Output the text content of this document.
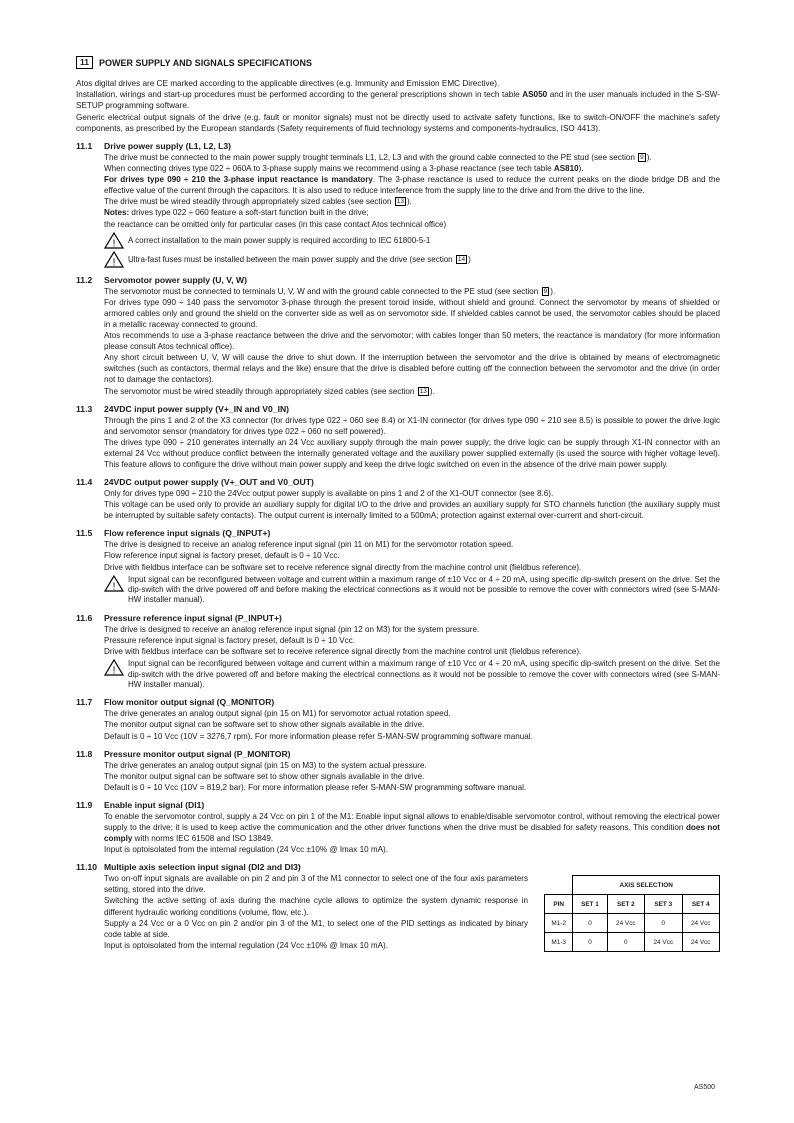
11	POWER SUPPLY AND SIGNALS SPECIFICATIONS

Atos digital drives are CE marked according to the applicable directives (e.g. Immunity and Emission EMC Directive).

Installation, wirings and start-up procedures must be performed according to the general prescriptions shown in tech table AS050 and in the user manuals included in the S-SW-SETUP programming software.

Generic electrical output signals of the drive (e.g. fault or monitor signals) must not be directly used to activate safety functions, like to switch-ON/OFF the machine's safety components, as prescribed by the European standards (Safety requirements of fluid technology systems and components-hydraulics, ISO 4413).

11.1	Drive power supply (L1, L2, L3)

The drive must be connected to the main power supply trought terminals L1, L2, L3 and with the ground cable connected to the PE stud (see section 9 ).

When connecting drives type 022 ÷ 060A to 3-phase supply mains we recommend using a 3-phase reactance (see tech table AS810).

For drives type 090 ÷ 210 the 3-phase input reactance is mandatory. The 3-phase reactance is used to reduce the current peaks on the diode bridge DB and the effective value of the current through the capacitors. It is also used to reduce interference from the supply line to the drive and from the drive to the line.

The drive must be wired steadily through appropriately sized cables (see section 13 ).

Notes: drives type 022 ÷ 060 feature a soft-start function built in the drive;

the reactance can be omitted only for particular cases (in this case contact Atos technical office)

! A correct installation to the main power supply is required according to IEC 61800-5-1

! Ultra-fast fuses must be installed between the main power supply and the drive (see section 14 )

11.2	Servomotor power supply (U, V, W)

The servomotor must be connected to terminals U, V, W and with the ground cable connected to the PE stud (see section 9 ).

For drives type 090 ÷ 140 pass the servomotor 3-phase through the present toroid inside, without shield and ground. Connect the servomotor by means of shielded or armored cables only and ground the shield on the converter side as well as on servomotor side. If shielded cables cannot be used, the servomotor cables should be placed in a metallic raceway connected to ground.

Atos recommends to use a 3-phase reactance between the drive and the servomotor; with cables longer than 50 meters, the reactance is mandatory (for more information please consult Atos technical office).

Any short circuit between U, V, W will cause the drive to shut down. If the interruption between the servomotor and the drive is obtained by means of electromagnetic switches (such as contactors, thermal relays and the like) ensure that the drive is disabled before cutting off the connection between the servomotor and the drive (in order not to damage the contactors).

The servomotor must be wired steadily through appropriately sized cables (see section 13 ).

11.3	24VDC input power supply (V+_IN and V0_IN)

Through the pins 1 and 2 of the X3 connector (for drives type 022 ÷ 060 see 8.4) or X1-IN connector (for drives type 090 ÷ 210 see 8.5) is possible to power the drive logic and servomotor sensor (mandatory for drives type 022 ÷ 060 no self powered).

The drives type 090 ÷ 210 generates internally an 24 Vcc auxiliary supply through the main power supply; the drive logic can be supply through X1-IN connector with an external 24 Vcc without produce conflict between the internally generated voltage and the auxiliary power supplied externally (is used the source with higher voltage level). This feature allows to configure the drive without main power supply and keep the drive logic switched on even in the absence of the drive main power supply.

11.4	24VDC output power supply (V+_OUT and V0_OUT)

Only for drives type 090 ÷ 210 the 24Vcc output power supply is available on pins 1 and 2 of the X1-OUT connector (see 8.6).

This voltage can be used only to provide an auxiliary supply for digital I/O to the drive and provides an auxiliary supply for STO channels function (the auxiliary supply must be interrupted by suitable safety contacts). The output current is internally limited to a 500mA; protection against external over-current and short-circuit.

11.5	Flow reference input signals (Q_INPUT+)

The drive is designed to receive an analog reference input signal (pin 11 on M1) for the servomotor rotation speed.

Flow reference input signal is factory preset, default is 0 ÷ 10 Vcc.

Drive with fieldbus interface can be software set to receive reference signal directly from the machine control unit (fieldbus reference).

!

Input signal can be reconfigured between voltage and current within a maximum range of ±10 Vcc or 4 ÷ 20 mA, using specific dip-switch present on the drive. Set the dip-switch with the drive powered off and before making the electrical connections as it would not be possible to remove the cover with connectors wired (see S-MAN-HW installer manual).

11.6	Pressure reference input signal (P_INPUT+)

The drive is designed to receive an analog reference input signal (pin 12 on M3) for the system pressure.

Pressure reference input signal is factory preset, default is 0 ÷ 10 Vcc.

Drive with fieldbus interface can be software set to receive reference signal directly from the machine control unit (fieldbus reference).

!

Input signal can be reconfigured between voltage and current within a maximum range of ±10 Vcc or 4 ÷ 20 mA, using specific dip-switch present on the drive. Set the dip-switch with the drive powered off and before making the electrical connections as it would not be possible to remove the cover with connectors wired (see S-MAN-HW installer manual).

11.7	Flow monitor output signal (Q_MONITOR)

The drive generates an analog output signal (pin 15 on M1) for servomotor actual rotation speed.

The monitor output signal can be software set to show other signals available in the drive.

Default is 0 ÷ 10 Vcc (10V = 3276,7 rpm). For more information please refer S-MAN-SW programming software manual.

11.8	Pressure monitor output signal (P_MONITOR)

The drive generates an analog output signal (pin 15 on M3) to the system actual pressure.

The monitor output signal can be software set to show other signals available in the drive.

Default is 0 ÷ 10 Vcc (10V = 819,2 bar). For more information please refer S-MAN-SW programming software manual.

11.9	Enable input signal (DI1)

To enable the servomotor control, supply a 24 Vcc on pin 1 of the M1: Enable input signal allows to enable/disable servomotor control, without removing the electrical power supply to the drive; it is used to keep active the communication and the other driver functions when the drive must be disabled for safety reasons. This condition does not comply with norms IEC 61508 and ISO 13849.

Input is optoisolated from the internal regulation (24 Vcc ±10% @ Imax 10 mA).

11.10 Multiple axis selection input signal (DI2 and DI3)

Two on-off input signals are available on pin 2 and pin 3 of the M1 connector to select one of the four axis parameters setting, stored into the drive.

Switching the active setting of axis during the machine cycle allows to optimize the system dynamic response in different hydraulic working conditions (volume, flow, etc.).

Supply a 24 Vcc or a 0 Vcc on pin 2 and/or pin 3 of the M1, to select one of the PID settings as indicated by binary code table at side.

Input is optoisolated from the internal regulation (24 Vcc ±10% @ Imax 10 mA).

	AXIS SELECTION			
PIN	SET 1	SET 2	SET 3	SET 4
M1-2	0	24 Vcc	0	24 Vcc
M1-3	0	0	24 Vcc	24 Vcc
AS500
